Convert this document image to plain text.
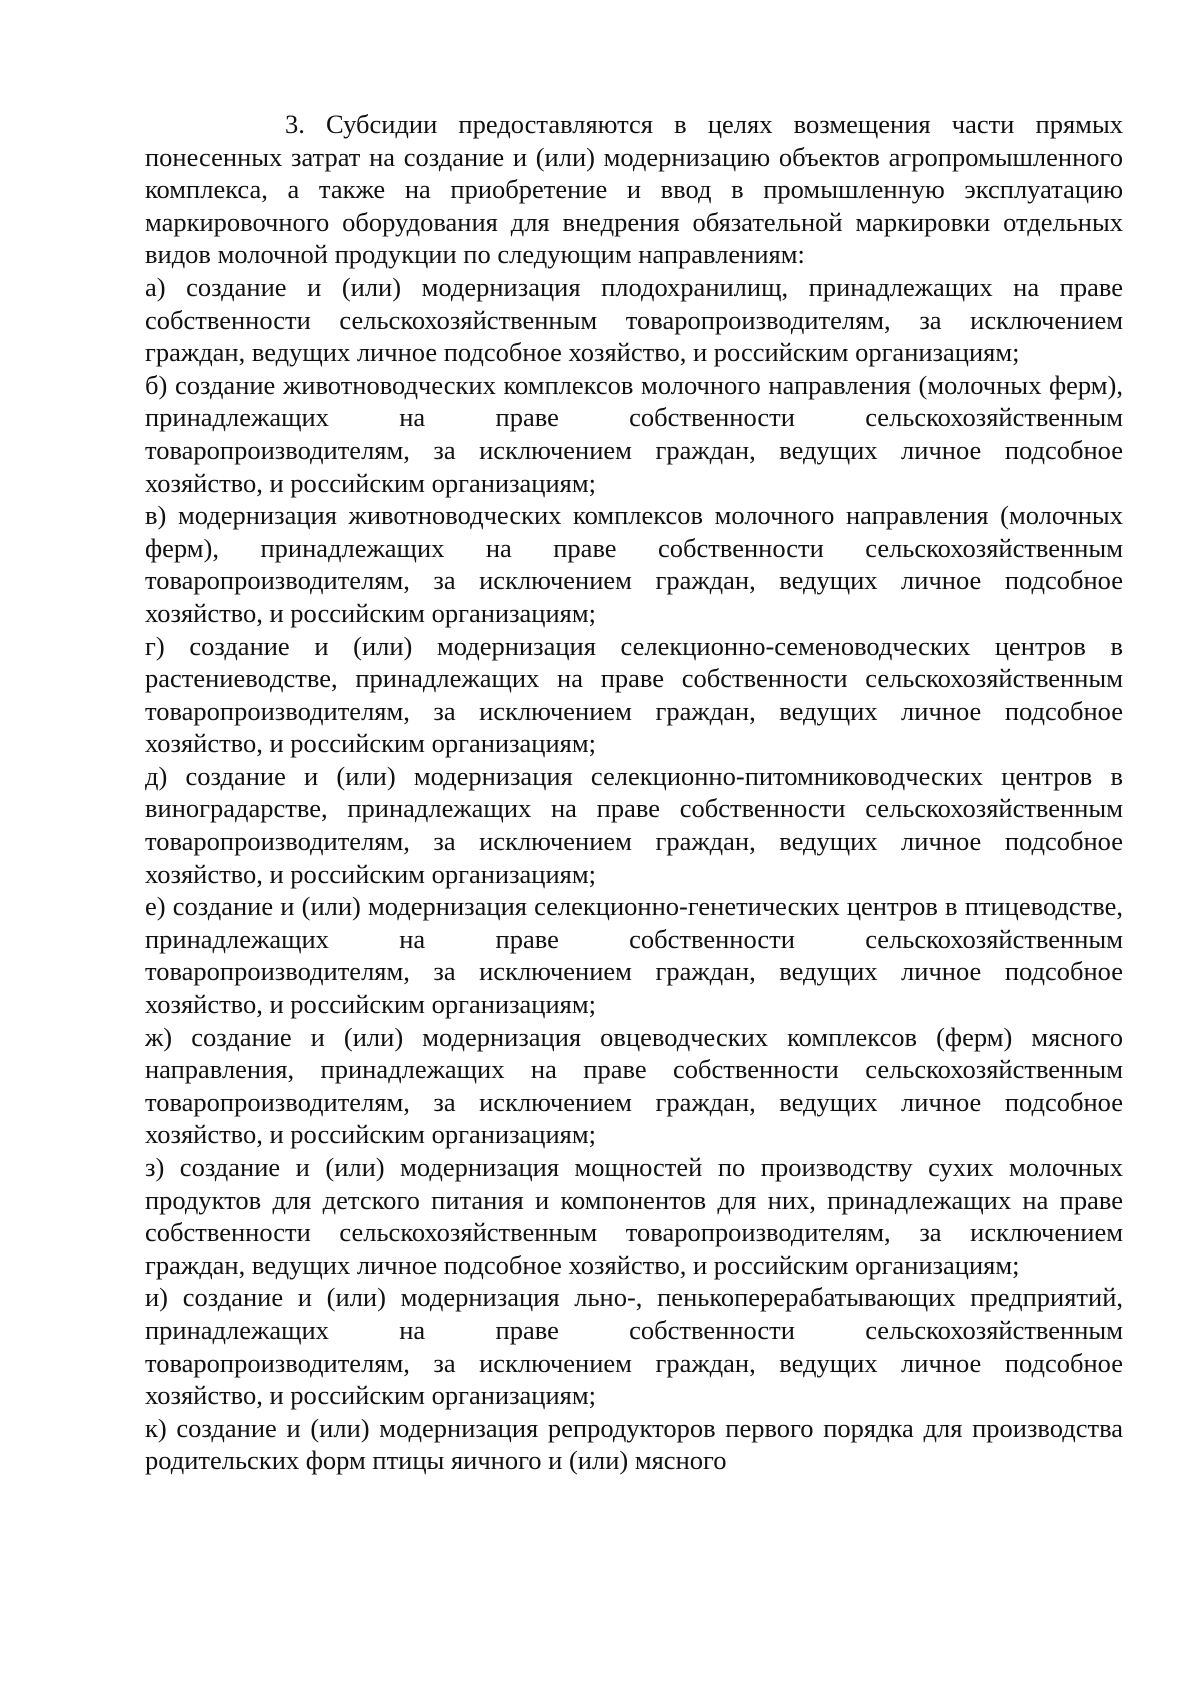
3. Субсидии предоставляются в целях возмещения части прямых понесенных затрат на создание и (или) модернизацию объектов агропромышленного комплекса, а также на приобретение и ввод в промышленную эксплуатацию маркировочного оборудования для внедрения обязательной маркировки отдельных видов молочной продукции по следующим направлениям:

а) создание и (или) модернизация плодохранилищ, принадлежащих на праве собственности сельскохозяйственным товаропроизводителям, за исключением граждан, ведущих личное подсобное хозяйство, и российским организациям;

б) создание животноводческих комплексов молочного направления (молочных ферм), принадлежащих на праве собственности сельскохозяйственным товаропроизводителям, за исключением граждан, ведущих личное подсобное хозяйство, и российским организациям;

в) модернизация животноводческих комплексов молочного направления (молочных ферм), принадлежащих на праве собственности сельскохозяйственным товаропроизводителям, за исключением граждан, ведущих личное подсобное хозяйство, и российским организациям;

г) создание и (или) модернизация селекционно-семеноводческих центров в растениеводстве, принадлежащих на праве собственности сельскохозяйственным товаропроизводителям, за исключением граждан, ведущих личное подсобное хозяйство, и российским организациям;

д) создание и (или) модернизация селекционно-питомниководческих центров в виноградарстве, принадлежащих на праве собственности сельскохозяйственным товаропроизводителям, за исключением граждан, ведущих личное подсобное хозяйство, и российским организациям;

е) создание и (или) модернизация селекционно-генетических центров в птицеводстве, принадлежащих на праве собственности сельскохозяйственным товаропроизводителям, за исключением граждан, ведущих личное подсобное хозяйство, и российским организациям;

ж) создание и (или) модернизация овцеводческих комплексов (ферм) мясного направления, принадлежащих на праве собственности сельскохозяйственным товаропроизводителям, за исключением граждан, ведущих личное подсобное хозяйство, и российским организациям;

з) создание и (или) модернизация мощностей по производству сухих молочных продуктов для детского питания и компонентов для них, принадлежащих на праве собственности сельскохозяйственным товаропроизводителям, за исключением граждан, ведущих личное подсобное хозяйство, и российским организациям;

и) создание и (или) модернизация льно-, пенькоперерабатывающих предприятий, принадлежащих на праве собственности сельскохозяйственным товаропроизводителям, за исключением граждан, ведущих личное подсобное хозяйство, и российским организациям;

к) создание и (или) модернизация репродукторов первого порядка для производства родительских форм птицы яичного и (или) мясного
